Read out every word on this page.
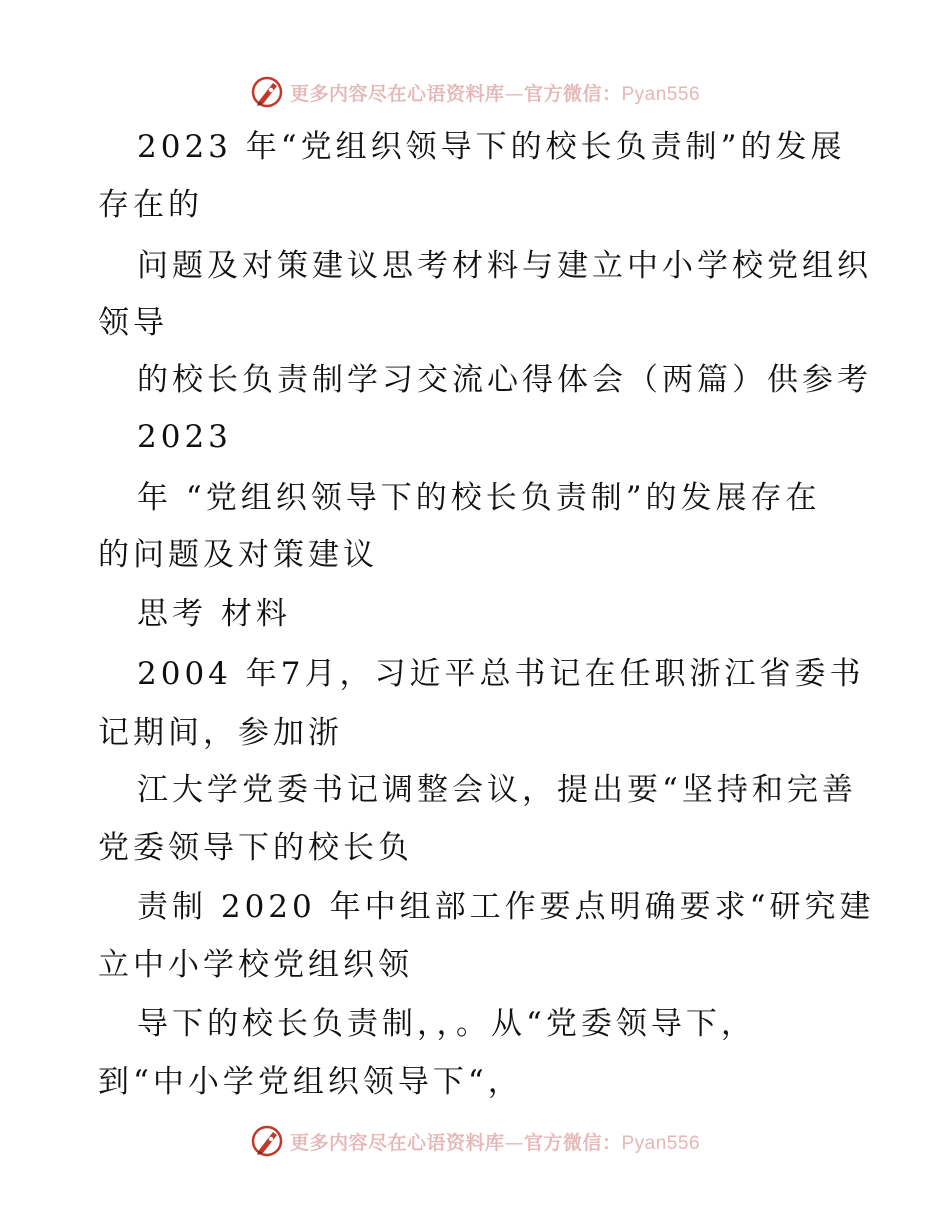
更多内容尽在心语资料库—官方微信：Pyan556
2023 年“党组织领导下的校长负责制”的发展
存在的
问题及对策建议思考材料与建立中小学校党组织
领导
的校长负责制学习交流心得体会（两篇）供参考
2023
年 “党组织领导下的校长负责制”的发展存在
的问题及对策建议
思考 材料
2004 年7月，习近平总书记在任职浙江省委书
记期间，参加浙
江大学党委书记调整会议，提出要“坚持和完善
党委领导下的校长负
责制 2020 年中组部工作要点明确要求“研究建
立中小学校党组织领
导下的校长负责制，，。从“党委领导下，
到“中小学党组织领导下“，
更多内容尽在心语资料库—官方微信：Pyan556
